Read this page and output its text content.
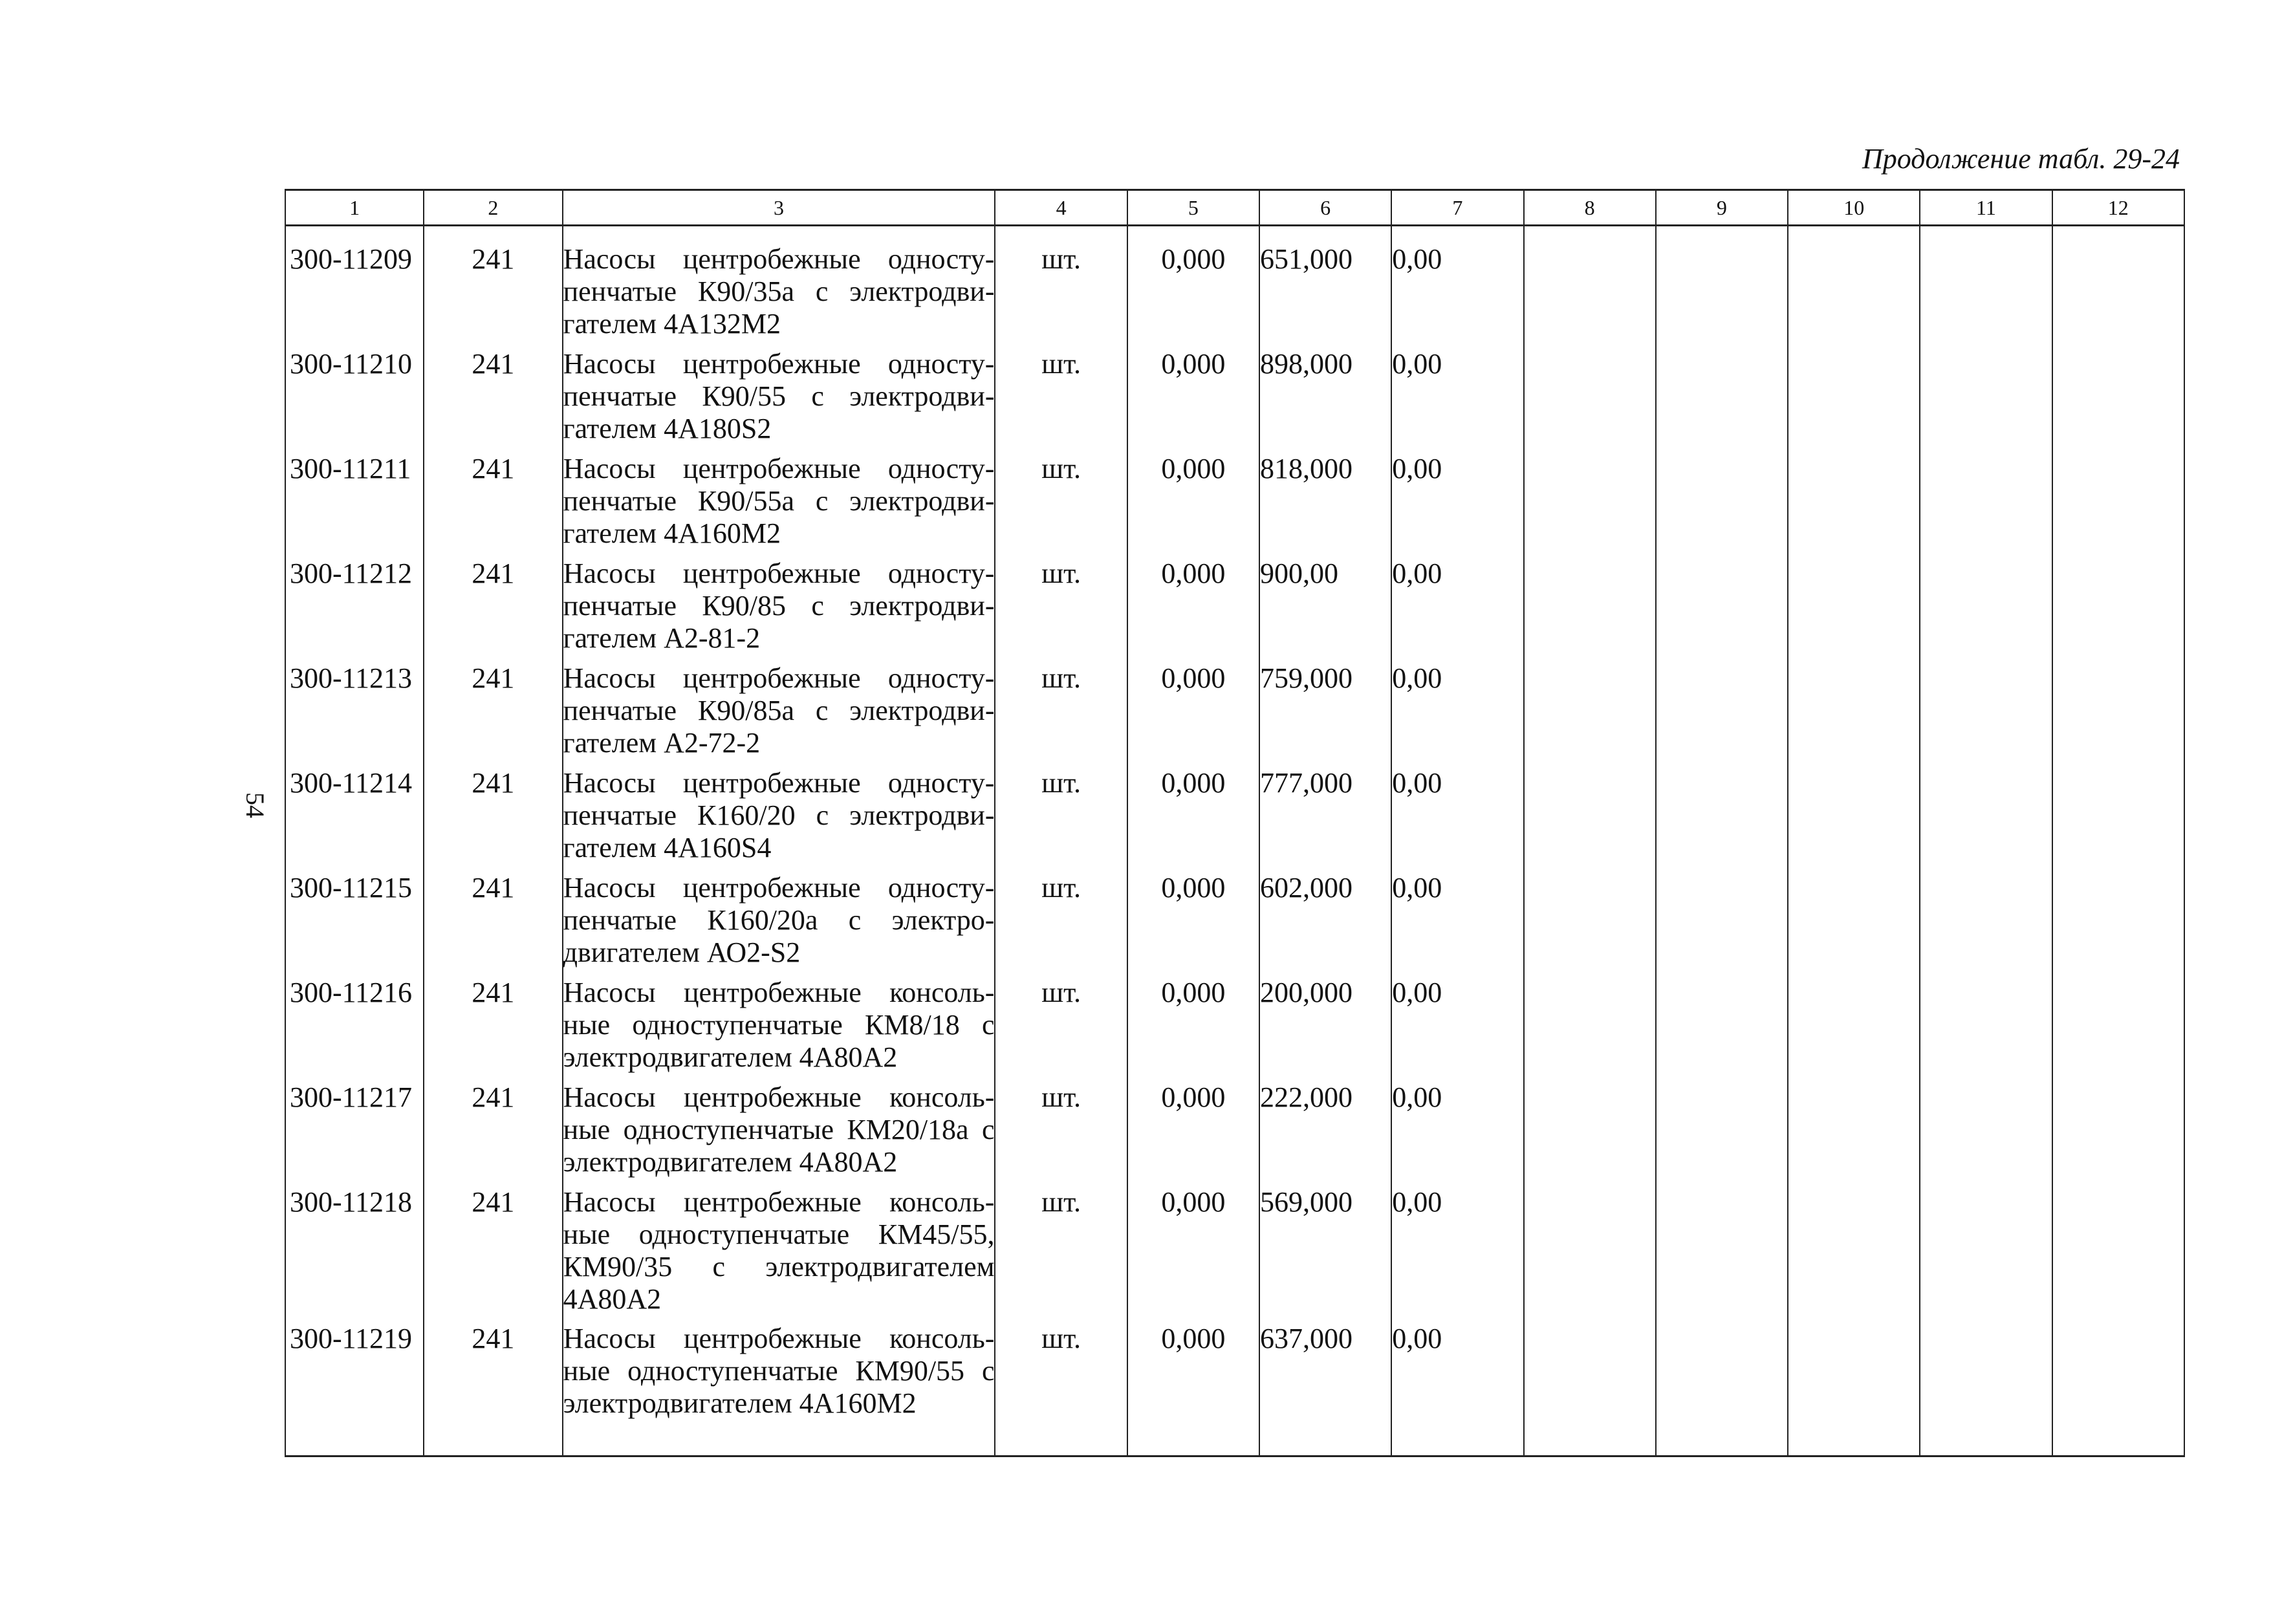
Продолжение табл. 29-24
54
1	2	3	4	5	6	7	8	9	10	11	12
300-11209	241	Насосы центробежные односту-пенчатые К90/35а с электродви-гателем 4А132М2	шт.	0,000	651,000	0,00					
300-11210	241	Насосы центробежные односту-пенчатые К90/55 с электродви-гателем 4А180S2	шт.	0,000	898,000	0,00					
300-11211	241	Насосы центробежные односту-пенчатые К90/55а с электродви-гателем 4А160М2	шт.	0,000	818,000	0,00					
300-11212	241	Насосы центробежные односту-пенчатые К90/85 с электродви-гателем А2-81-2	шт.	0,000	900,00	0,00					
300-11213	241	Насосы центробежные односту-пенчатые К90/85а с электродви-гателем А2-72-2	шт.	0,000	759,000	0,00					
300-11214	241	Насосы центробежные односту-пенчатые К160/20 с электродви-гателем 4А160S4	шт.	0,000	777,000	0,00					
300-11215	241	Насосы центробежные односту-пенчатые К160/20а с электро-двигателем АО2-S2	шт.	0,000	602,000	0,00					
300-11216	241	Насосы центробежные консоль-ные одноступенчатые КМ8/18 с электродвигателем 4А80А2	шт.	0,000	200,000	0,00					
300-11217	241	Насосы центробежные консоль-ные одноступенчатые КМ20/18а с электродвигателем 4А80А2	шт.	0,000	222,000	0,00					
300-11218	241	Насосы центробежные консоль-ные одноступенчатые КМ45/55, КМ90/35 с электродвигателем 4А80А2	шт.	0,000	569,000	0,00					
300-11219	241	Насосы центробежные консоль-ные одноступенчатые КМ90/55 с электродвигателем 4А160М2	шт.	0,000	637,000	0,00					
